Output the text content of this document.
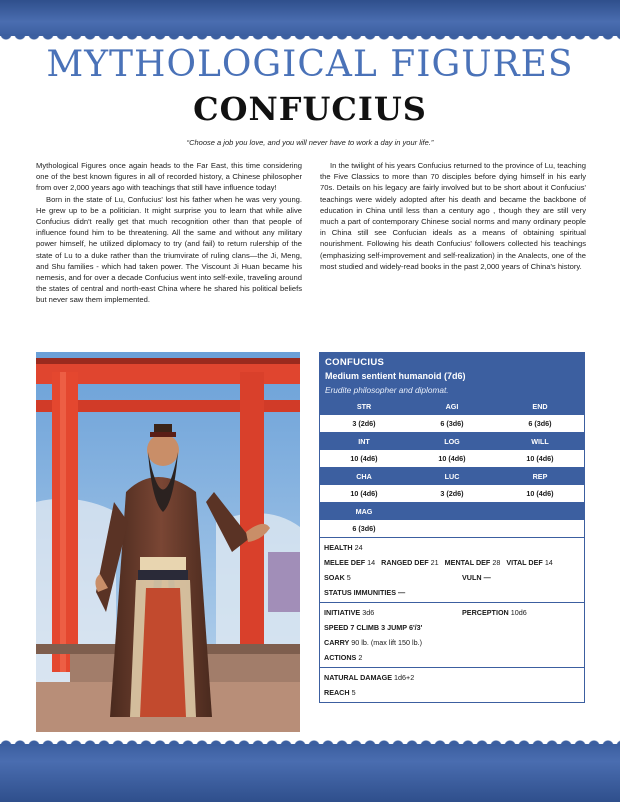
MYTHOLOGICAL FIGURES
CONFUCIUS
“Choose a job you love, and you will never have to work a day in your life.”

Mythological Figures once again heads to the Far East, this time considering one of the best known figures in all of recorded history, a Chinese philosopher from over 2,000 years ago with teachings that still have influence today!

Born in the state of Lu, Confucius' lost his father when he was very young. He grew up to be a politician. It might surprise you to learn that while alive Confucius didn't really get that much recognition other than that people of influence found him to be threatening. All the same and without any military power himself, he utilized diplomacy to try (and fail) to return rulership of the state of Lu to a duke rather than the triumvirate of ruling clans—the Ji, Meng, and Shu families - which had taken power. The Viscount Ji Huan became his nemesis, and for over a decade Confucius went into self-exile, traveling around the states of central and north-east China where he shared his political beliefs but never saw them implemented.

In the twilight of his years Confucius returned to the province of Lu, teaching the Five Classics to more than 70 disciples before dying himself in his early 70s. Details on his legacy are fairly involved but to be short about it Confucius' teachings were widely adopted after his death and became the backbone of education in China until less than a century ago , though they are still very much a part of contemporary Chinese social norms and many ordinary people in China still see Confucian ideals as a means of obtaining spiritual nourishment. Following his death Confucius' followers collected his teachings (emphasizing self-improvement and self-realization) in the Analects, one of the most studied and widely-read books in the past 2,000 years of China's history.

CONFUCIUS
Medium sentient humanoid (7d6)
Erudite philosopher and diplomat.
STR	AGI	END
3 (2d6)	6 (3d6)	6 (3d6)
INT	LOG	WILL
10 (4d6)	10 (4d6)	10 (4d6)
CHA	LUC	REP
10 (4d6)	3 (2d6)	10 (4d6)
MAG

6 (3d6)

HEALTH 24
MELEE DEF 14 RANGED DEF 21 MENTAL DEF 28 VITAL DEF 14
SOAK 5	VULN —
STATUS IMMUNITIES —
INITIATIVE 3d6	PERCEPTION 10d6
SPEED 7 CLIMB 3 JUMP 6'/3'
CARRY 90 lb. (max lift 150 lb.)
ACTIONS 2
NATURAL DAMAGE 1d6+2
REACH 5
